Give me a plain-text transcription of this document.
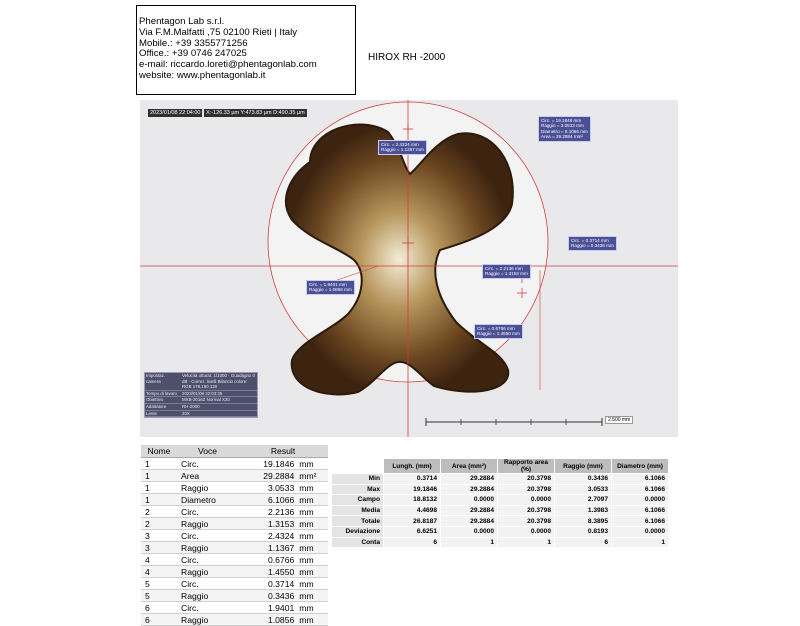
Phentagon Lab s.r.l.
Via F.M.Malfatti ,75 02100 Rieti | Italy
Mobile.: +39 3355771256
Office.: +39 0746 247025
e-mail: riccardo.loreti@phentagonlab.com
website: www.phentagonlab.it
HIROX RH -2000
2023/01/08 22:04:00	X:-126.33 µm Y:473.83 µm D:490.35 µm
Circ. = 19.1846 mm
Raggio = 3.0533 mm
Diametro = 6.1066 mm
Area = 29.2884 mm²
Circ. = 2.4324 mm
Raggio = 1.1367 mm
Circ. = 0.3714 mm
Raggio = 0.3436 mm
Circ. = 2.2136 mm
Raggio = 1.3153 mm
Circ. = 1.9401 mm
Raggio = 1.0856 mm
Circ. = 0.6766 mm
Raggio = 1.4550 mm
Impostaz. camera
Velocità otturat. 1/1000 · Guadagno 0 dB · Correz. livelli Bilancio colore: RGB 178,150,130
Tempo di lavoro	2023/01/08 22:03:35
Obiettivo	MXB-2016Z Normal X20
Adattatore	RH-2000
Lente	20X
2.500 mm
Nome	Voce	Result	
1	Circ.	19.1846	mm
1	Area	29.2884	mm²
1	Raggio	3.0533	mm
1	Diametro	6.1066	mm
2	Circ.	2.2136	mm
2	Raggio	1.3153	mm
3	Circ.	2.4324	mm
3	Raggio	1.1367	mm
4	Circ.	0.6766	mm
4	Raggio	1.4550	mm
5	Circ.	0.3714	mm
5	Raggio	0.3436	mm
6	Circ.	1.9401	mm
6	Raggio	1.0856	mm
	Lungh. (mm)	Area (mm²)	Rapporto area (%)	Raggio (mm)	Diametro (mm)
Min	0.3714	29.2884	20.3798	0.3436	6.1066
Max	19.1846	29.2884	20.3798	3.0533	6.1066
Campo	18.8132	0.0000	0.0000	2.7097	0.0000
Media	4.4698	29.2884	20.3798	1.3983	6.1066
Totale	26.8187	29.2884	20.3798	8.3895	6.1066
Deviazione	6.6251	0.0000	0.0000	0.8193	0.0000
Conta	6	1	1	6	1
